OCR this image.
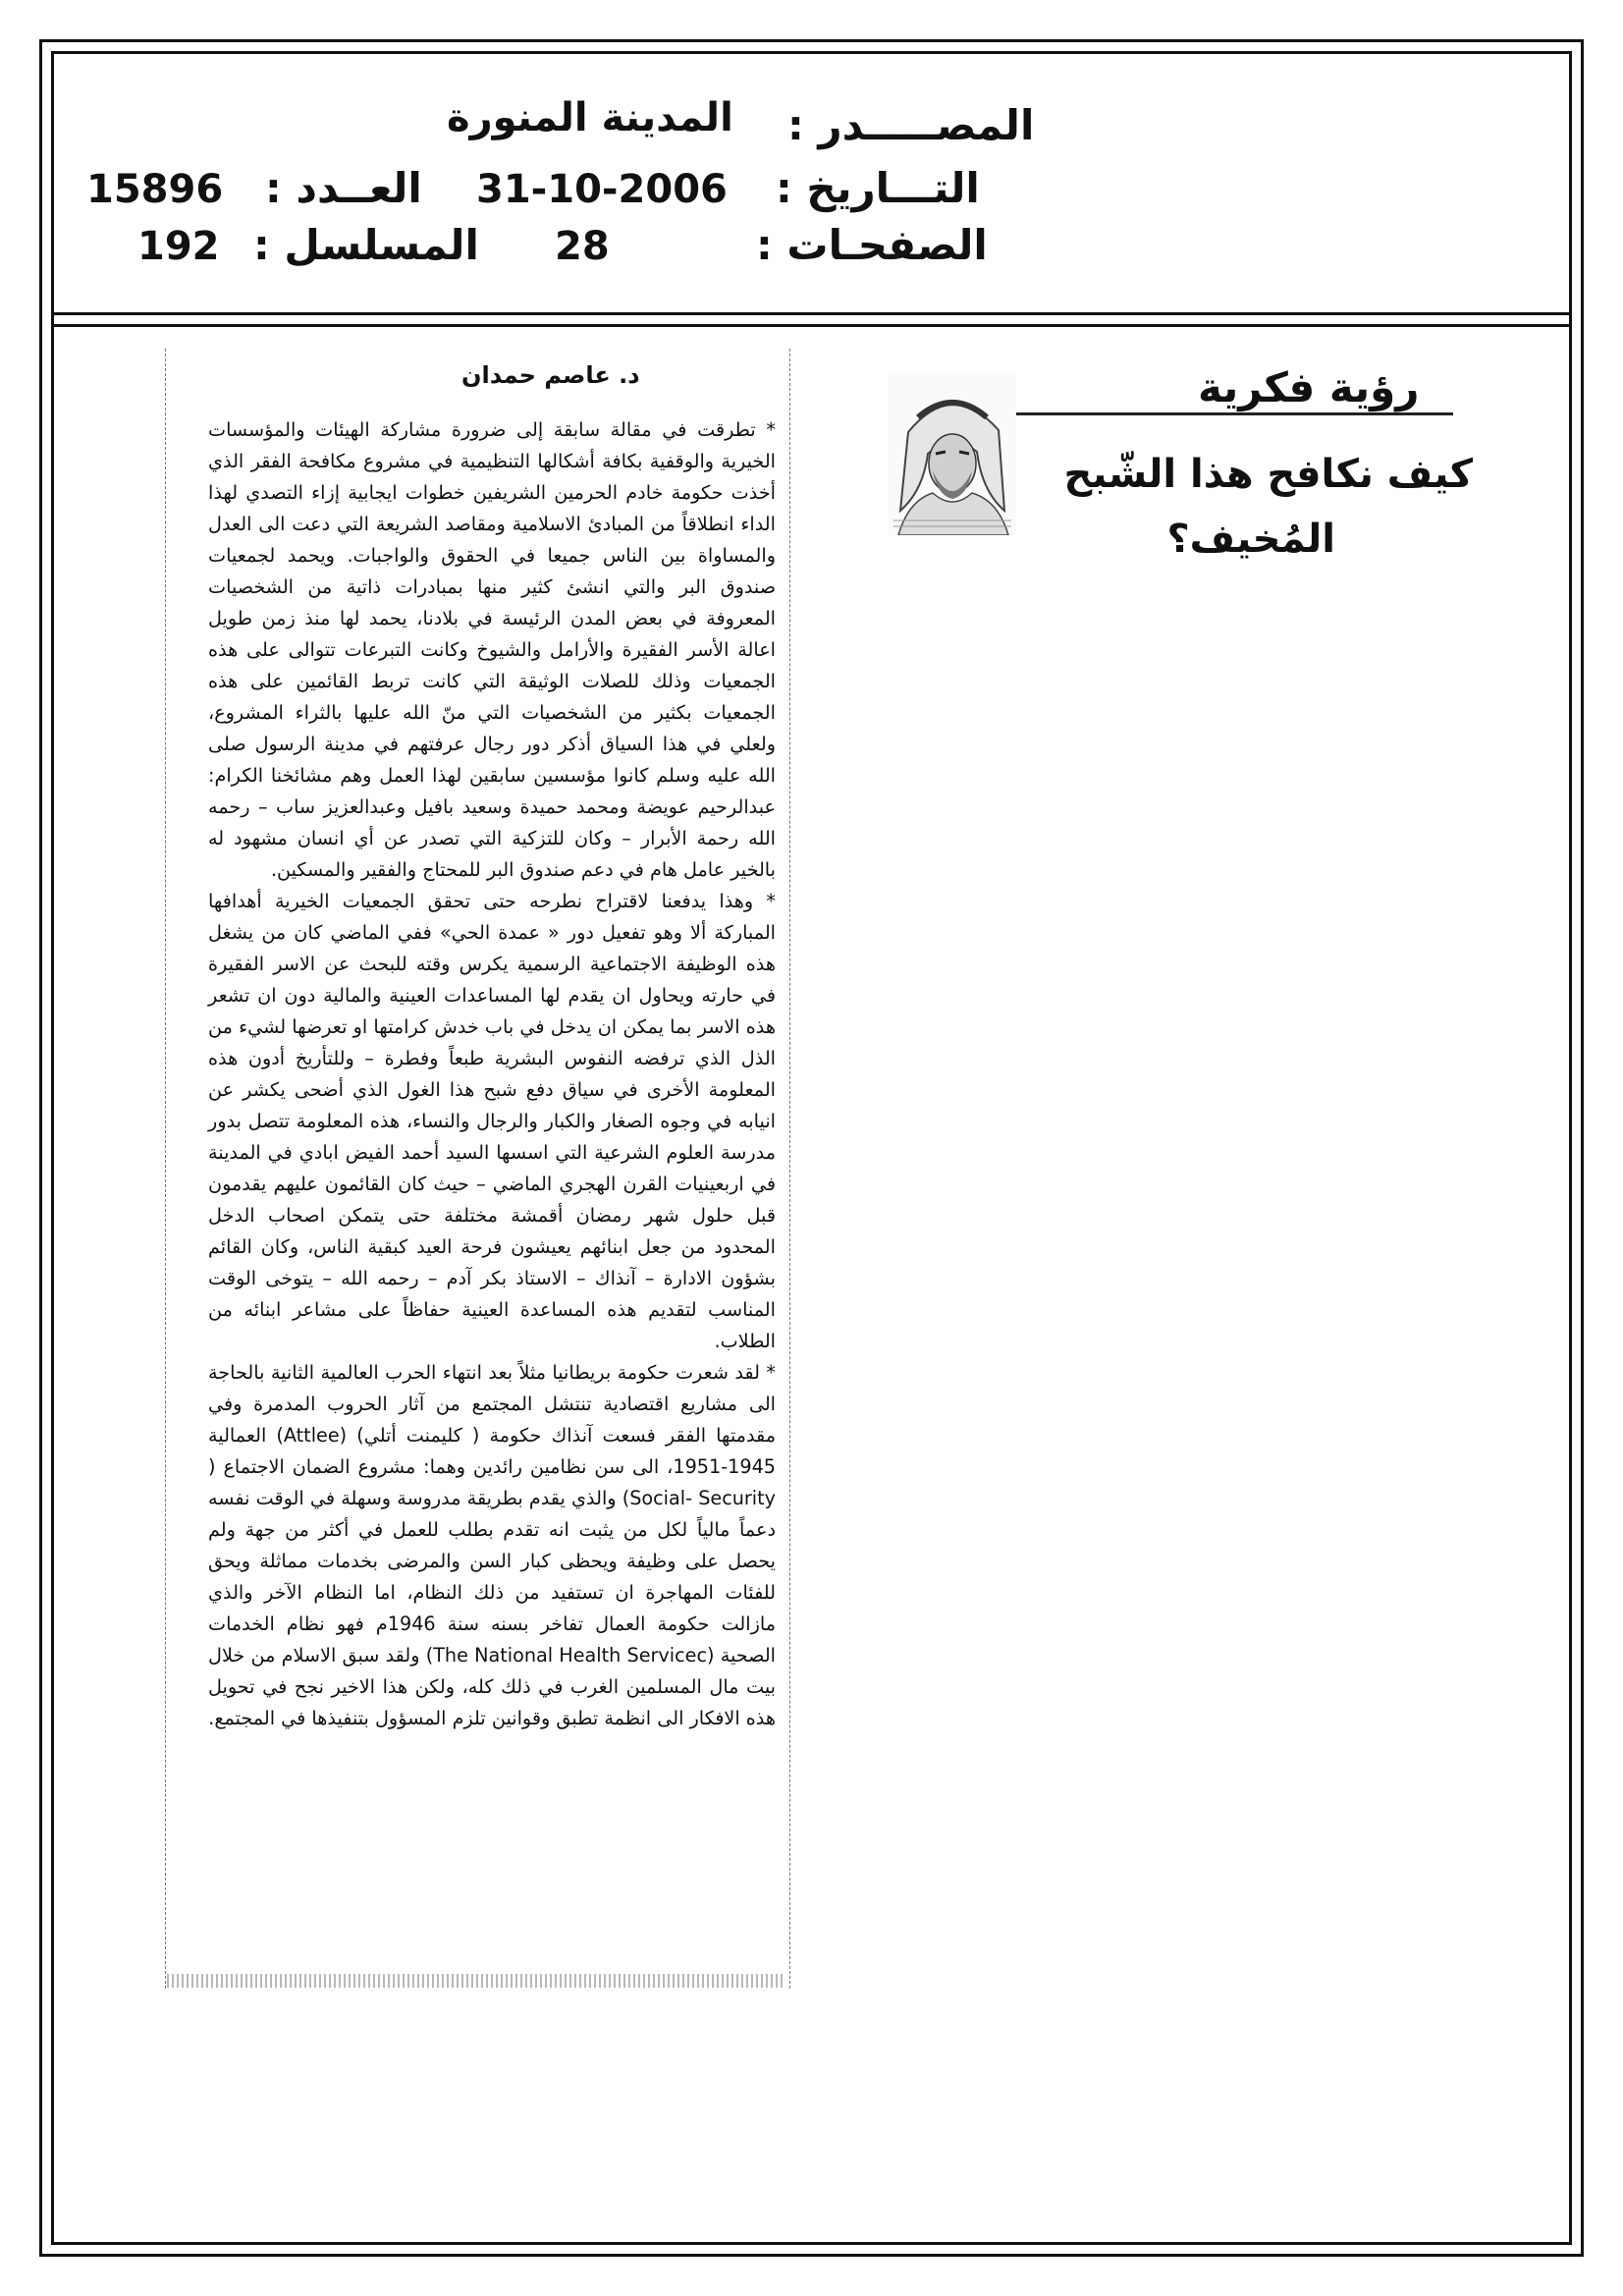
المصـــــدر :
المدينة المنورة
التـــاريخ :
31-10-2006
العــدد :
15896
الصفحـات :
28
المسلسل :
192
د. عاصم حمدان

* تطرقت في مقالة سابقة إلى ضرورة مشاركة الهيئات والمؤسسات الخيرية والوقفية بكافة أشكالها التنظيمية في مشروع مكافحة الفقر الذي أخذت حكومة خادم الحرمين الشريفين خطوات ايجابية إزاء التصدي لهذا الداء انطلاقاً من المبادئ الاسلامية ومقاصد الشريعة التي دعت الى العدل والمساواة بين الناس جميعا في الحقوق والواجبات. ويحمد لجمعيات صندوق البر والتي انشئ كثير منها بمبادرات ذاتية من الشخصيات المعروفة في بعض المدن الرئيسة في بلادنا، يحمد لها منذ زمن طويل اعالة الأسر الفقيرة والأرامل والشيوخ وكانت التبرعات تتوالى على هذه الجمعيات وذلك للصلات الوثيقة التي كانت تربط القائمين على هذه الجمعيات بكثير من الشخصيات التي منّ الله عليها بالثراء المشروع، ولعلي في هذا السياق أذكر دور رجال عرفتهم في مدينة الرسول صلى الله عليه وسلم كانوا مؤسسين سابقين لهذا العمل وهم مشائخنا الكرام: عبدالرحيم عويضة ومحمد حميدة وسعيد بافيل وعبدالعزيز ساب – رحمه الله رحمة الأبرار – وكان للتزكية التي تصدر عن أي انسان مشهود له بالخير عامل هام في دعم صندوق البر للمحتاج والفقير والمسكين.

* وهذا يدفعنا لاقتراح نطرحه حتى تحقق الجمعيات الخيرية أهدافها المباركة ألا وهو تفعيل دور « عمدة الحي» ففي الماضي كان من يشغل هذه الوظيفة الاجتماعية الرسمية يكرس وقته للبحث عن الاسر الفقيرة في حارته ويحاول ان يقدم لها المساعدات العينية والمالية دون ان تشعر هذه الاسر بما يمكن ان يدخل في باب خدش كرامتها او تعرضها لشيء من الذل الذي ترفضه النفوس البشرية طبعاً وفطرة – وللتأريخ أدون هذه المعلومة الأخرى في سياق دفع شبح هذا الغول الذي أضحى يكشر عن انيابه في وجوه الصغار والكبار والرجال والنساء، هذه المعلومة تتصل بدور مدرسة العلوم الشرعية التي اسسها السيد أحمد الفيض ابادي في المدينة في اربعينيات القرن الهجري الماضي – حيث كان القائمون عليهم يقدمون قبل حلول شهر رمضان أقمشة مختلفة حتى يتمكن اصحاب الدخل المحدود من جعل ابنائهم يعيشون فرحة العيد كبقية الناس، وكان القائم بشؤون الادارة – آنذاك – الاستاذ بكر آدم – رحمه الله – يتوخى الوقت المناسب لتقديم هذه المساعدة العينية حفاظاً على مشاعر ابنائه من الطلاب.

* لقد شعرت حكومة بريطانيا مثلاً بعد انتهاء الحرب العالمية الثانية بالحاجة الى مشاريع اقتصادية تنتشل المجتمع من آثار الحروب المدمرة وفي مقدمتها الفقر فسعت آنذاك حكومة ( كليمنت أتلي) (Attlee) العمالية 1945-1951، الى سن نظامين رائدين وهما: مشروع الضمان الاجتماع ( Social- Security) والذي يقدم بطريقة مدروسة وسهلة في الوقت نفسه دعماً مالياً لكل من يثبت انه تقدم بطلب للعمل في أكثر من جهة ولم يحصل على وظيفة ويحظى كبار السن والمرضى بخدمات مماثلة ويحق للفئات المهاجرة ان تستفيد من ذلك النظام، اما النظام الآخر والذي مازالت حكومة العمال تفاخر بسنه سنة 1946م فهو نظام الخدمات الصحية (The National Health Servicec) ولقد سبق الاسلام من خلال بيت مال المسلمين الغرب في ذلك كله، ولكن هذا الاخير نجح في تحويل هذه الافكار الى انظمة تطبق وقوانين تلزم المسؤول بتنفيذها في المجتمع.

رؤية فكرية
كيف نكافح هذا الشّبح
المُخيف؟
